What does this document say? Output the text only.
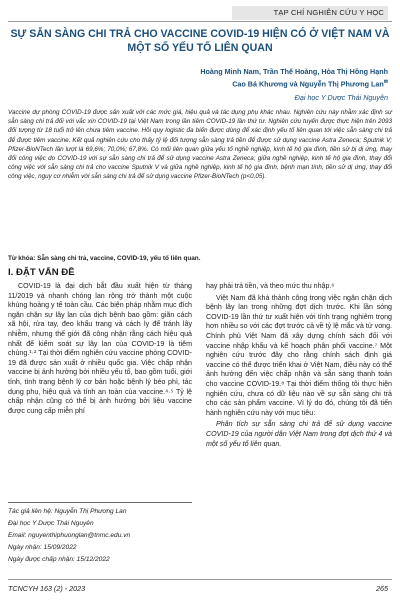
TẠP CHÍ NGHIÊN CỨU Y HỌC
SỰ SẴN SÀNG CHI TRẢ CHO VACCINE COVID-19 HIỆN CÓ Ở VIỆT NAM VÀ MỘT SỐ YẾU TỐ LIÊN QUAN
Hoàng Minh Nam, Trần Thế Hoàng, Hòa Thị Hồng Hạnh
Cao Bá Khương và Nguyễn Thị Phương Lan✉
Đại học Y Dược Thái Nguyên
Vaccine dự phòng COVID-19 được sản xuất với các mức giá, hiệu quả và tác dụng phụ khác nhau. Nghiên cứu này nhằm xác định sự sẵn sàng chi trả đối với vắc xin COVID-19 tại Việt Nam trong lần tiêm COVID-19 lần thứ tư. Nghiên cứu tuyến được thực hiện trên 2093 đối tượng từ 18 tuổi trở lên chưa tiêm vaccine. Hồi quy logistic đa biến được dùng để xác định yếu tố liên quan tới việc sẵn sàng chi trả để được tiêm vaccine. Kết quả nghiên cứu cho thấy tỷ lệ đối tượng sẵn sàng trả tiền để được sử dụng vaccine Astra Zeneca; Sputnik V; Pfizer-BioNTech lần lượt là 69,6%; 70,0%; 67,8%. Có mối liên quan giữa yếu tố nghề nghiệp, kinh tế hộ gia đình, tiền sử bị dị ứng, thay đổi công việc do COVID-19 với sự sẵn sàng chi trả để sử dụng vaccine Astra Zeneca; giữa nghề nghiệp, kinh tế hộ gia đình, thay đổi công việc với sẵn sàng chi trả cho vaccine Sputnik V và giữa nghề nghiệp, kinh tế hộ gia đình, bệnh mạn tính, tiền sử dị ứng, thay đổi công việc, nguy cơ nhiễm với sẵn sàng chi trả để sử dụng vaccine Pfizer-BioNTech (p<0,05).
Từ khóa: Sẵn sàng chi trả, vaccine, COVID-19, yếu tố liên quan.
I. ĐẶT VẤN ĐỀ

COVID-19 là đại dịch bắt đầu xuất hiện từ tháng 11/2019 và nhanh chóng lan rộng trở thành một cuộc khủng hoảng y tế toàn cầu. Các biện pháp nhằm mục đích ngăn chặn sự lây lan của dịch bệnh bao gồm: giãn cách xã hội, rửa tay, đeo khẩu trang và cách ly để tránh lây nhiễm, nhưng thế giới đã công nhận rằng cách hiệu quả nhất để kiểm soát sự lây lan của COVID-19 là tiêm chủng.¹·² Tại thời điểm nghiên cứu vaccine phòng COVID-19 đã được sản xuất ở nhiều quốc gia. Việc chấp nhận vaccine bị ảnh hưởng bởi nhiều yếu tố, bao gồm tuổi, giới tính, tình trạng bệnh lý cơ bản hoặc bệnh lý béo phì, tác dụng phụ, hiệu quả và tính an toàn của vaccine.⁴·⁵ Tỷ lệ chấp nhận cũng có thể bị ảnh hưởng bởi liệu vaccine được cung cấp miễn phí

hay phải trả tiền, và theo mức thu nhập.⁶

Việt Nam đã khá thành công trong việc ngăn chặn dịch bệnh lây lan trong những đợt dịch trước. Khi lần sóng COVID-19 lần thứ tư xuất hiện với tính trạng nghiêm trọng hơn nhiều so với các đợt trước cả về tỷ lệ mắc và tử vong. Chính phủ Việt Nam đã xây dựng chính sách đối với vaccine nhập khẩu và kế hoạch phân phối vaccine.⁷ Một nghiên cứu trước đây cho rằng chính sách định giá vaccine có thể được triển khai ở Việt Nam, điều này có thể ảnh hưởng đến việc chấp nhận và sẵn sàng thanh toán cho vaccine COVID-19.⁸ Tại thời điểm thống tôi thực hiện nghiên cứu, chưa có dữ liệu nào về sự sẵn sàng chi trả cho các sản phẩm vaccine. Vì lý do đó, chúng tôi đã tiến hành nghiên cứu này với mục tiêu:

Phân tích sự sẵn sàng chi trả để sử dụng vaccine COVID-19 của người dân Việt Nam trong đợt dịch thứ 4 và một số yếu tố liên quan.

Tác giả liên hệ: Nguyễn Thị Phương Lan
Đại học Y Dược Thái Nguyên
Email: nguyenthiphuonglan@tnmc.edu.vn
Ngày nhận: 15/09/2022
Ngày được chấp nhận: 15/12/2022
TCNCYH 163 (2) - 2023	265
